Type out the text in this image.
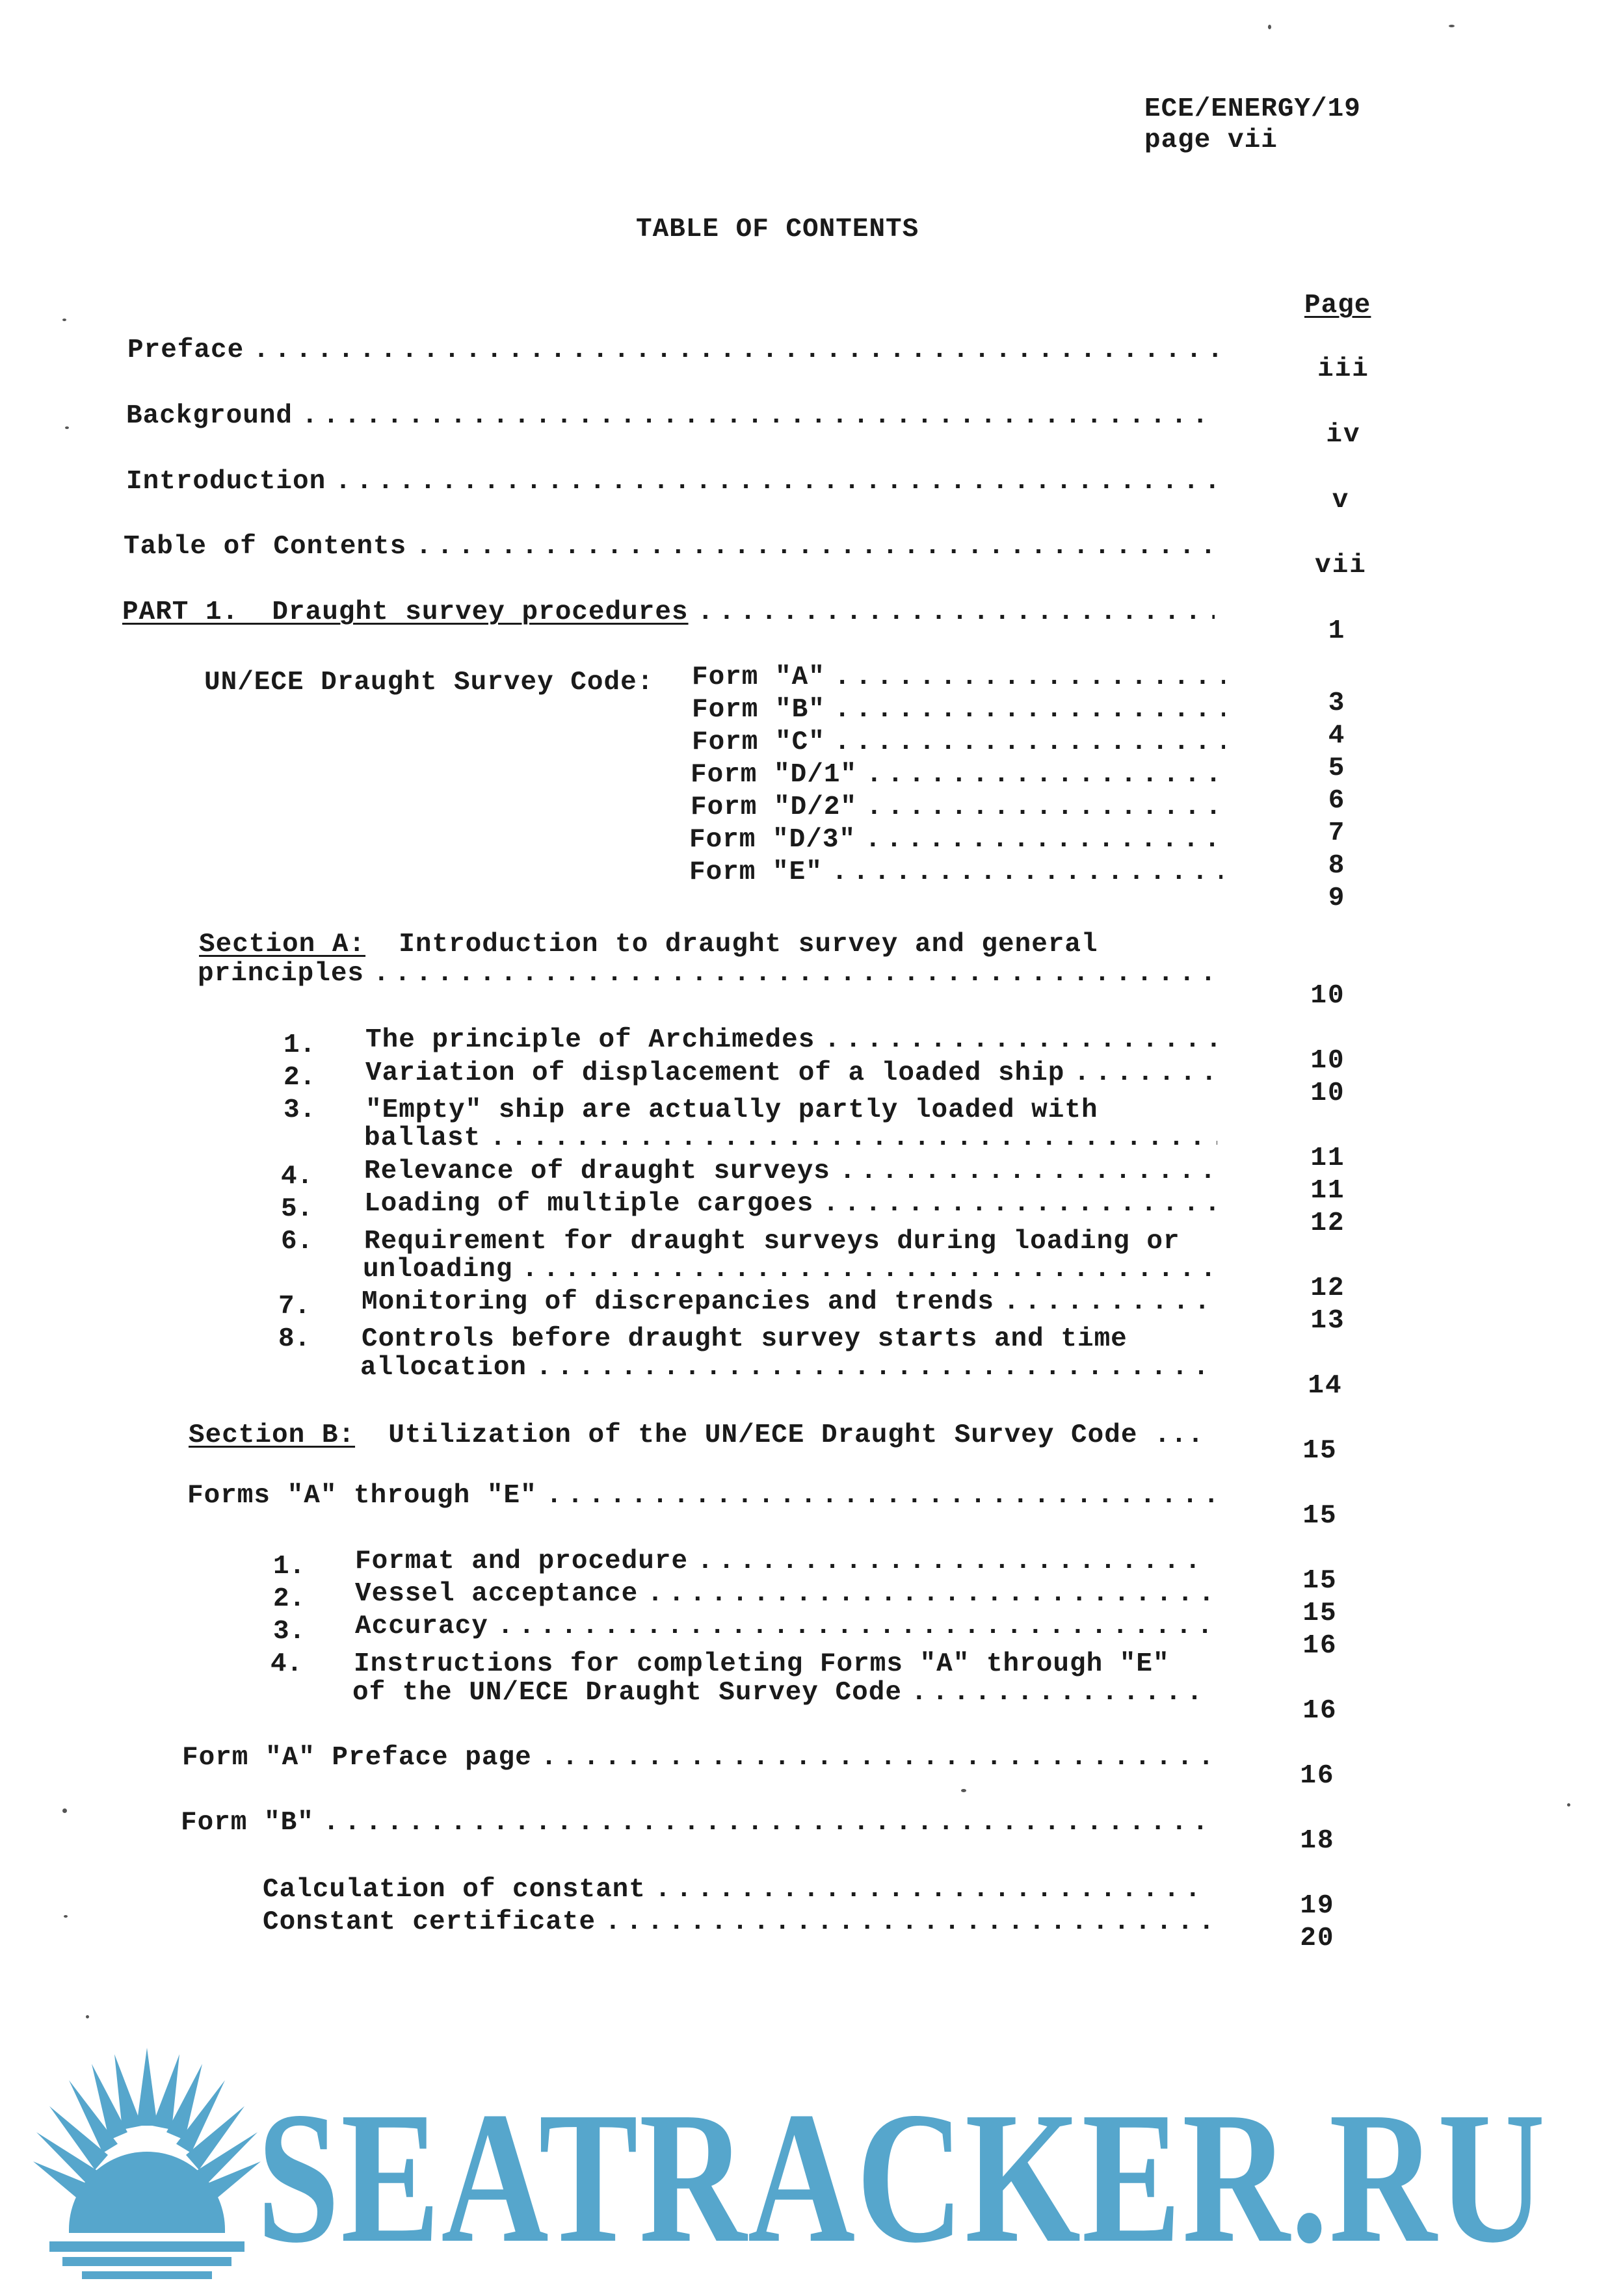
ECE/ENERGY/19
page vii
TABLE OF CONTENTS
Page
Preface
.....
iii
Background
.....
iv
Introduction
.....
v
Table of Contents
.....
vii
PART 1.  Draught survey procedures
.....
1
UN/ECE Draught Survey Code: Form "A"
.....
3
Form "B"
.....
4
Form "C"
.....
5
Form "D/1"
.....
6
Form "D/2"
.....
7
Form "D/3"
.....
8
Form "E"
.....
9
Section A: Introduction to draught survey and general
principles
.....
10
1. The principle of Archimedes
.....
10
2. Variation of displacement of a loaded ship
.....
10
3. "Empty" ship are actually partly loaded with
ballast
.....
11
4. Relevance of draught surveys
.....
11
5. Loading of multiple cargoes
.....
12
6. Requirement for draught surveys during loading or
unloading
.....
12
7. Monitoring of discrepancies and trends
.....
13
8. Controls before draught survey starts and time
allocation
.....
14
Section B: Utilization of the UN/ECE Draught Survey Code ...
15
Forms "A" through "E"
.....
15
1. Format and procedure
.....
15
2. Vessel acceptance
.....
15
3. Accuracy
.....
16
4. Instructions for completing Forms "A" through "E"
of the UN/ECE Draught Survey Code
.....
16
Form "A" Preface page
.....
16
Form "B"
.....
18
Calculation of constant
.....
19
Constant certificate
.....
20
SEATRACKER.RU
